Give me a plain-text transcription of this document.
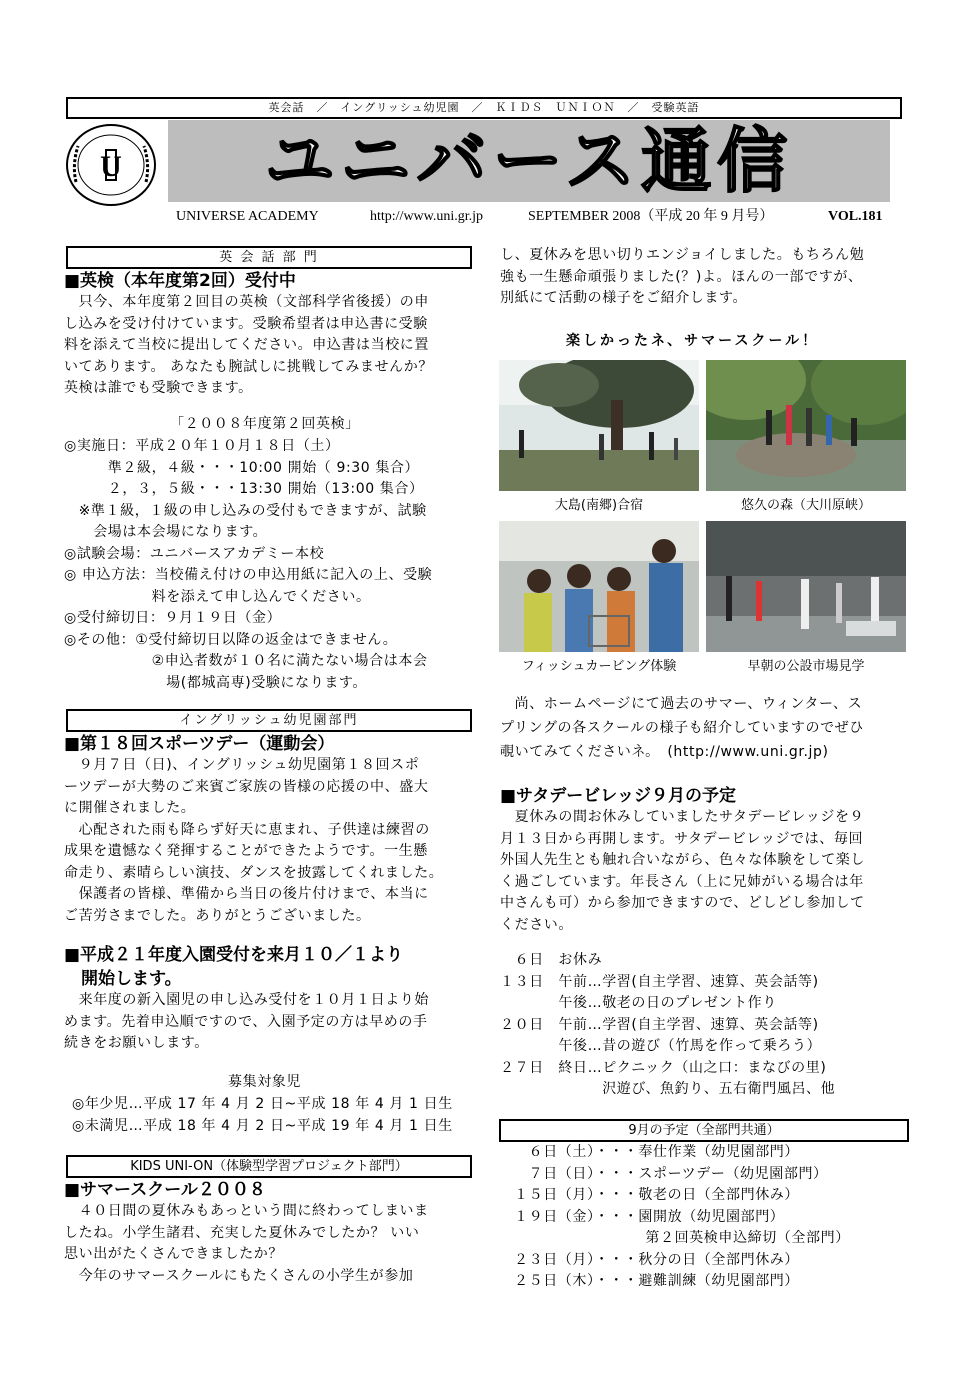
英会話　／　イングリッシュ幼児園　／　ＫＩＤＳ　ＵＮＩＯＮ　／　受験英語
U ユニバース通信
UNIVERSE ACADEMY	http://www.uni.gr.jp	SEPTEMBER 2008（平成 20 年 9 月号）	VOL.181
英 会 話 部 門
■英検（本年度第2回）受付中
　只今、本年度第２回目の英検（文部科学省後援）の申
し込みを受け付けています。受験希望者は申込書に受験
料を添えて当校に提出してください。申込書は当校に置
いてあります。 あなたも腕試しに挑戦してみませんか？
英検は誰でも受験できます。
「２００８年度第２回英検」
◎実施日：平成２０年１０月１８日（土）
　　　準２級，４級・・・10:00 開始（ 9:30 集合）
　　　２，３，５級・・・13:30 開始（13:00 集合）
　※準１級，１級の申し込みの受付もできますが、試験
　　会場は本会場になります。
◎試験会場：ユニバースアカデミー本校
◎ 申込方法：当校備え付けの申込用紙に記入の上、受験
　　　　　　料を添えて申し込んでください。
◎受付締切日：９月１９日（金）
◎その他：①受付締切日以降の返金はできません。
　　　　　　②申込者数が１０名に満たない場合は本会
　　　　　　　場(都城高専)受験になります。
イングリッシュ幼児園部門
■第１８回スポーツデー（運動会）
　９月７日（日)、イングリッシュ幼児園第１８回スポ
ーツデーが大勢のご来賓ご家族の皆様の応援の中、盛大
に開催されました。
　心配された雨も降らず好天に恵まれ、子供達は練習の
成果を遺憾なく発揮することができたようです。一生懸
命走り、素晴らしい演技、ダンスを披露してくれました。
　保護者の皆様、準備から当日の後片付けまで、本当に
ご苦労さまでした。ありがとうございました。
■平成２１年度入園受付を来月１０／１より
　開始します。
　来年度の新入園児の申し込み受付を１０月１日より始
めます。先着申込順ですので、入園予定の方は早めの手
続きをお願いします。
募集対象児
◎年少児…平成 17 年 4 月 2 日~平成 18 年 4 月 1 日生
◎未満児…平成 18 年 4 月 2 日~平成 19 年 4 月 1 日生
KIDS UNI-ON（体験型学習プロジェクト部門）
■サマースクール２００８
　４０日間の夏休みもあっという間に終わってしまいま
したね。小学生諸君、充実した夏休みでしたか？ いい
思い出がたくさんできましたか？
　今年のサマースクールにもたくさんの小学生が参加
し、夏休みを思い切りエンジョイしました。もちろん勉
強も一生懸命頑張りました(？)よ。ほんの一部ですが、
別紙にて活動の様子をご紹介します。
楽しかったネ、サマースクール！
大島(南郷)合宿	悠久の森（大川原峡）
フィッシュカービング体験	早朝の公設市場見学
　尚、ホームページにて過去のサマー、ウィンター、ス
プリングの各スクールの様子も紹介していますのでぜひ
覗いてみてくださいネ。　(http://www.uni.gr.jp)
■サタデービレッジ９月の予定
　夏休みの間お休みしていましたサタデービレッジを９
月１３日から再開します。サタデービレッジでは、毎回
外国人先生とも触れ合いながら、色々な体験をして楽し
く過ごしています。年長さん（上に兄姉がいる場合は年
中さんも可）から参加できますので、どしどし参加して
ください。
　６日　お休み
１３日　午前…学習(自主学習、速算、英会話等)
　　　　午後…敬老の日のプレゼント作り
２０日　午前…学習(自主学習、速算、英会話等)
　　　　午後…昔の遊び（竹馬を作って乗ろう）
２７日　終日…ピクニック（山之口：まなびの里)
　　　　　　　沢遊び、魚釣り、五右衛門風呂、他
9月の予定（全部門共通）
　６日（土）・・・奉仕作業（幼児園部門）
　７日（日）・・・スポーツデー（幼児園部門）
１５日（月）・・・敬老の日（全部門休み）
１９日（金）・・・園開放（幼児園部門）
　　　　　　　　　第２回英検申込締切（全部門）
２３日（月）・・・秋分の日（全部門休み）
２５日（木）・・・避難訓練（幼児園部門）
